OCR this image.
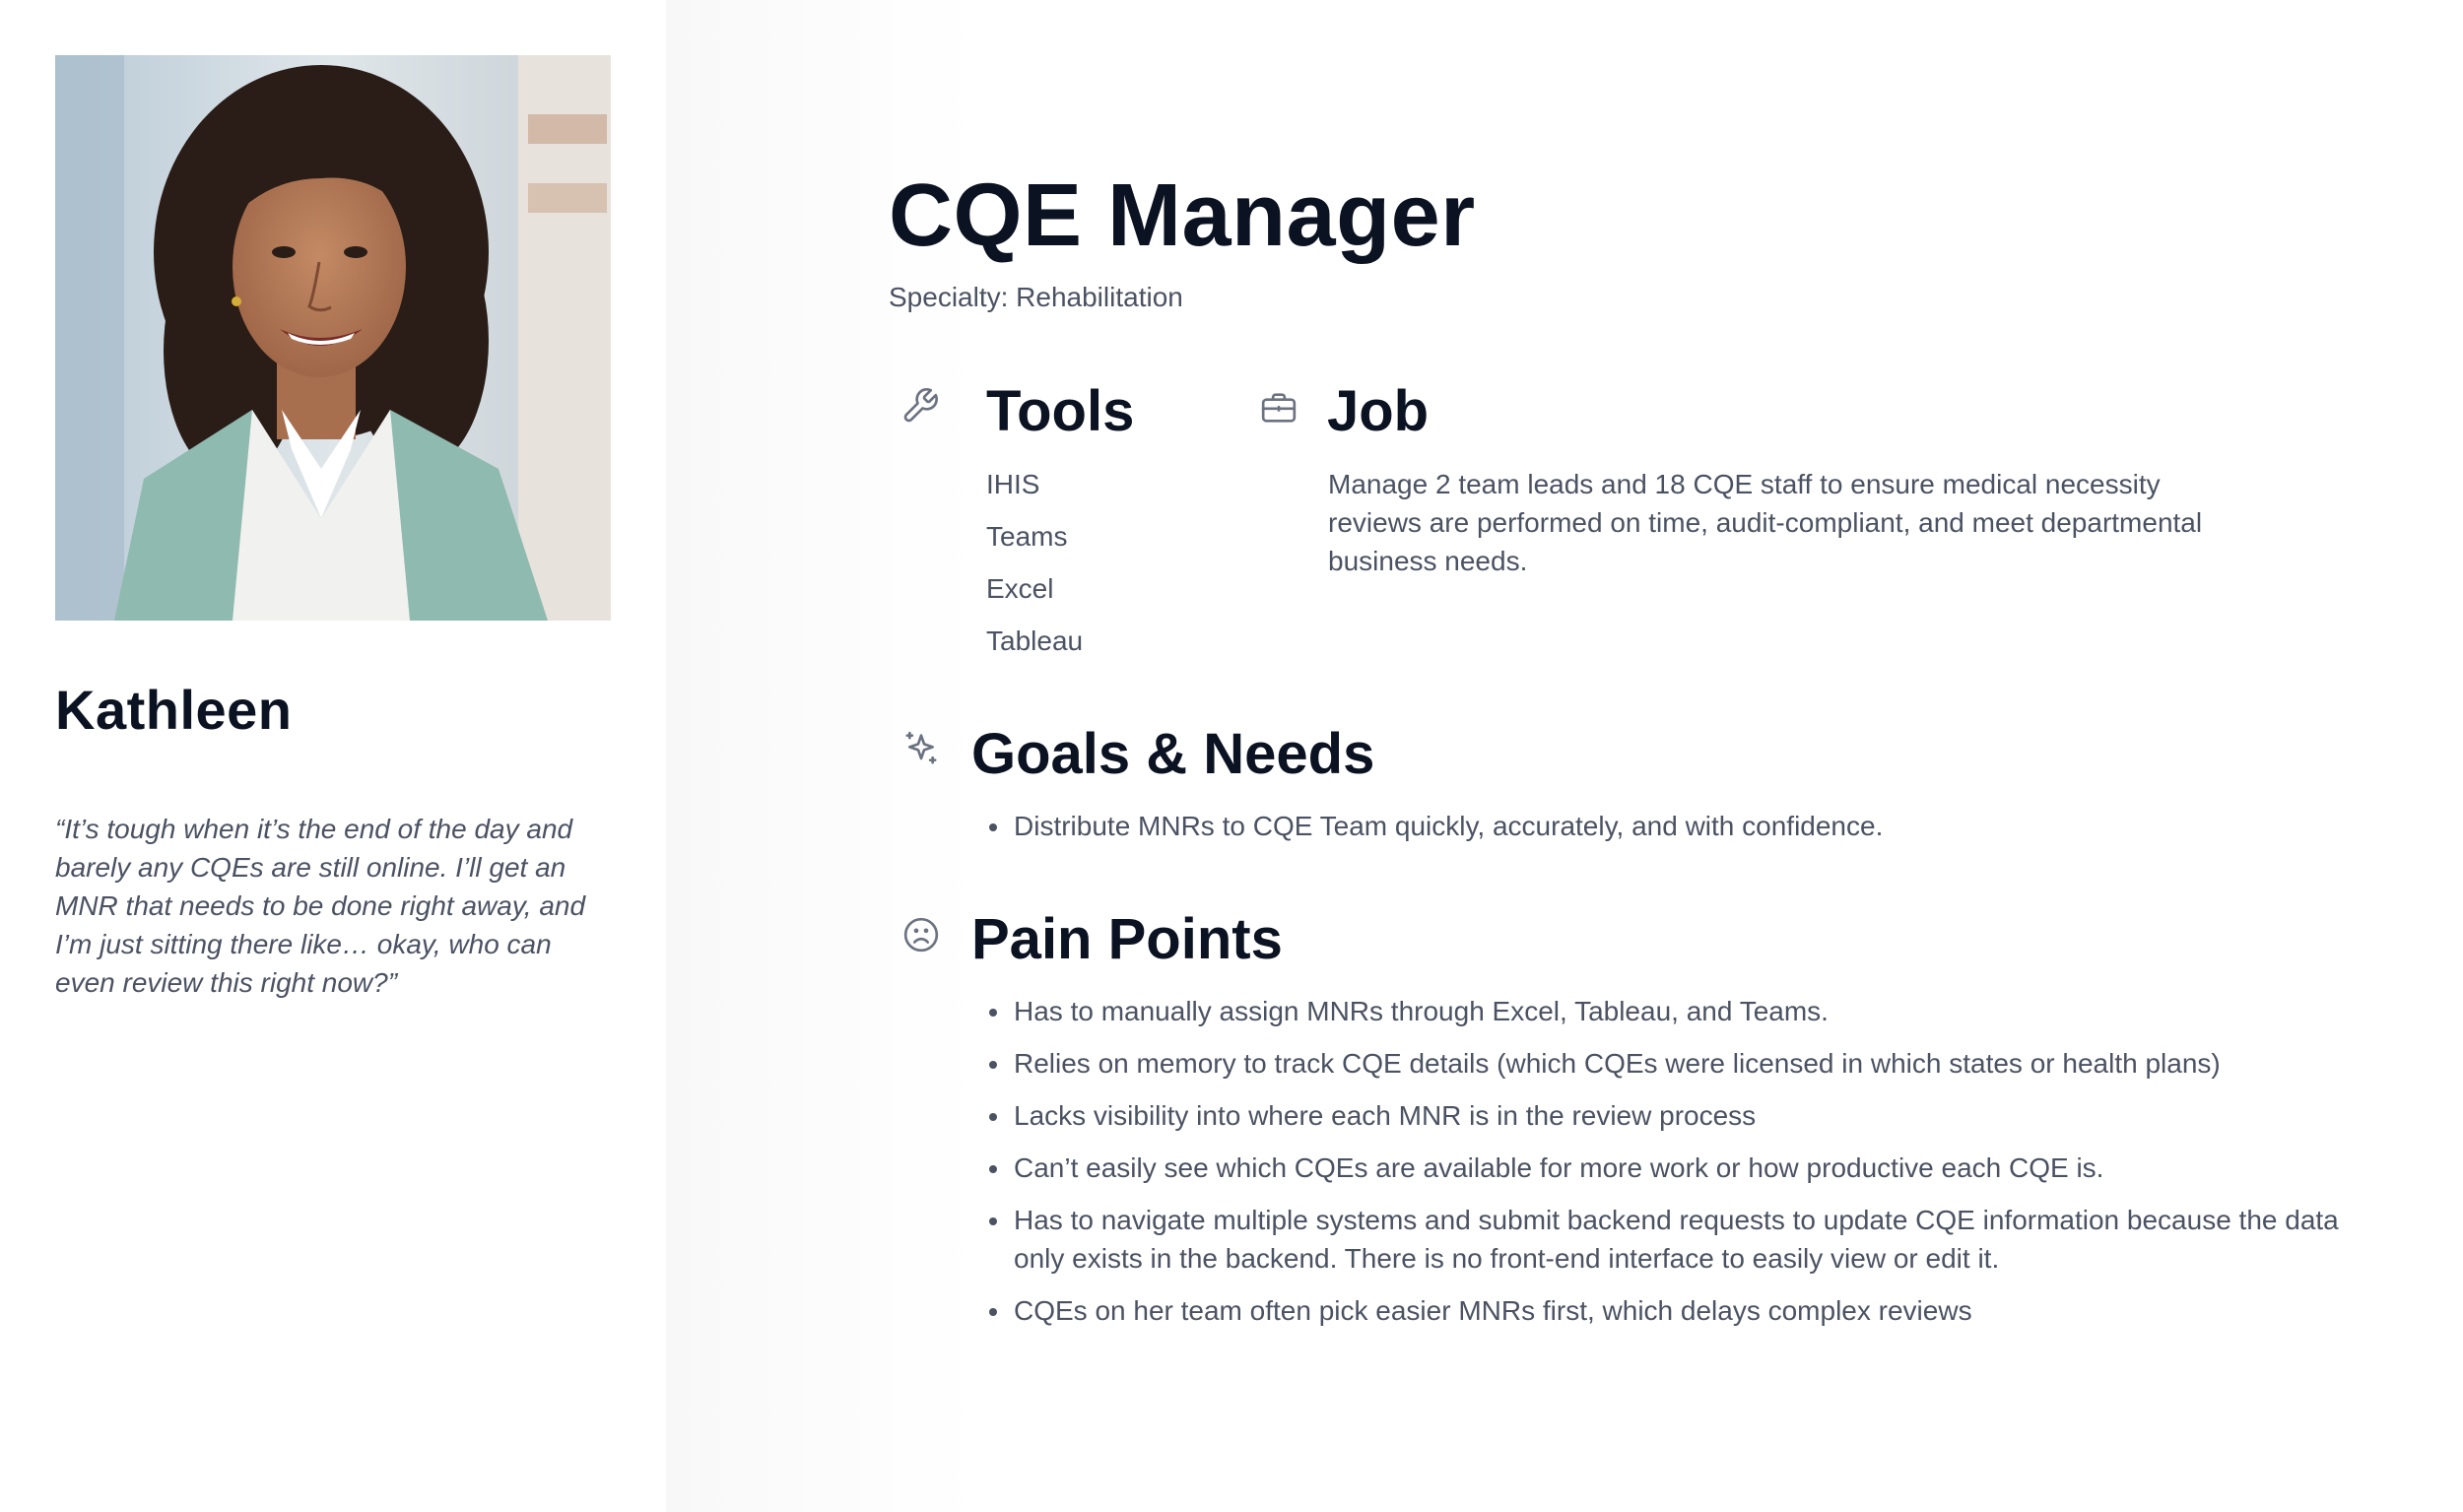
Kathleen

“It’s tough when it’s the end of the day and barely any CQEs are still online. I’ll get an MNR that needs to be done right away, and I’m just sitting there like… okay, who can even review this right now?”

CQE Manager

Specialty: Rehabilitation

Tools
IHIS
Teams
Excel
Tableau
Job

Manage 2 team leads and 18 CQE staff to ensure medical necessity reviews are performed on time, audit-compliant, and meet departmental business needs.

Goals & Needs
Distribute MNRs to CQE Team quickly, accurately, and with confidence.
Pain Points
Has to manually assign MNRs through Excel, Tableau, and Teams.
Relies on memory to track CQE details (which CQEs were licensed in which states or health plans)
Lacks visibility into where each MNR is in the review process
Can’t easily see which CQEs are available for more work or how productive each CQE is.
Has to navigate multiple systems and submit backend requests to update CQE information because the data only exists in the backend. There is no front-end interface to easily view or edit it.
CQEs on her team often pick easier MNRs first, which delays complex reviews
